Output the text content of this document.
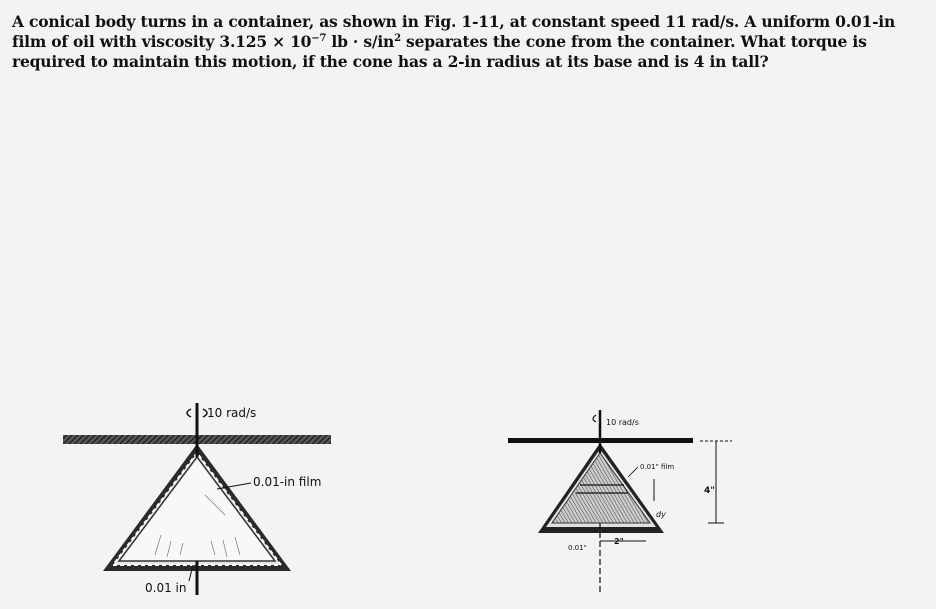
A conical body turns in a container, as shown in Fig. 1-11, at constant speed 11 rad/s. A uniform 0.01-in film of oil with viscosity $3.125 \times 10^{-7}$ lb · $s/in^2$ separates the cone from the container. What torque is required to maintain this motion, if the cone has a 2-in radius at its base and is 4 in tall?
10 rad/s
0.01-in film
0.01 in
10 rad/s
0.01" film
4"
dy
0.01"
2"
